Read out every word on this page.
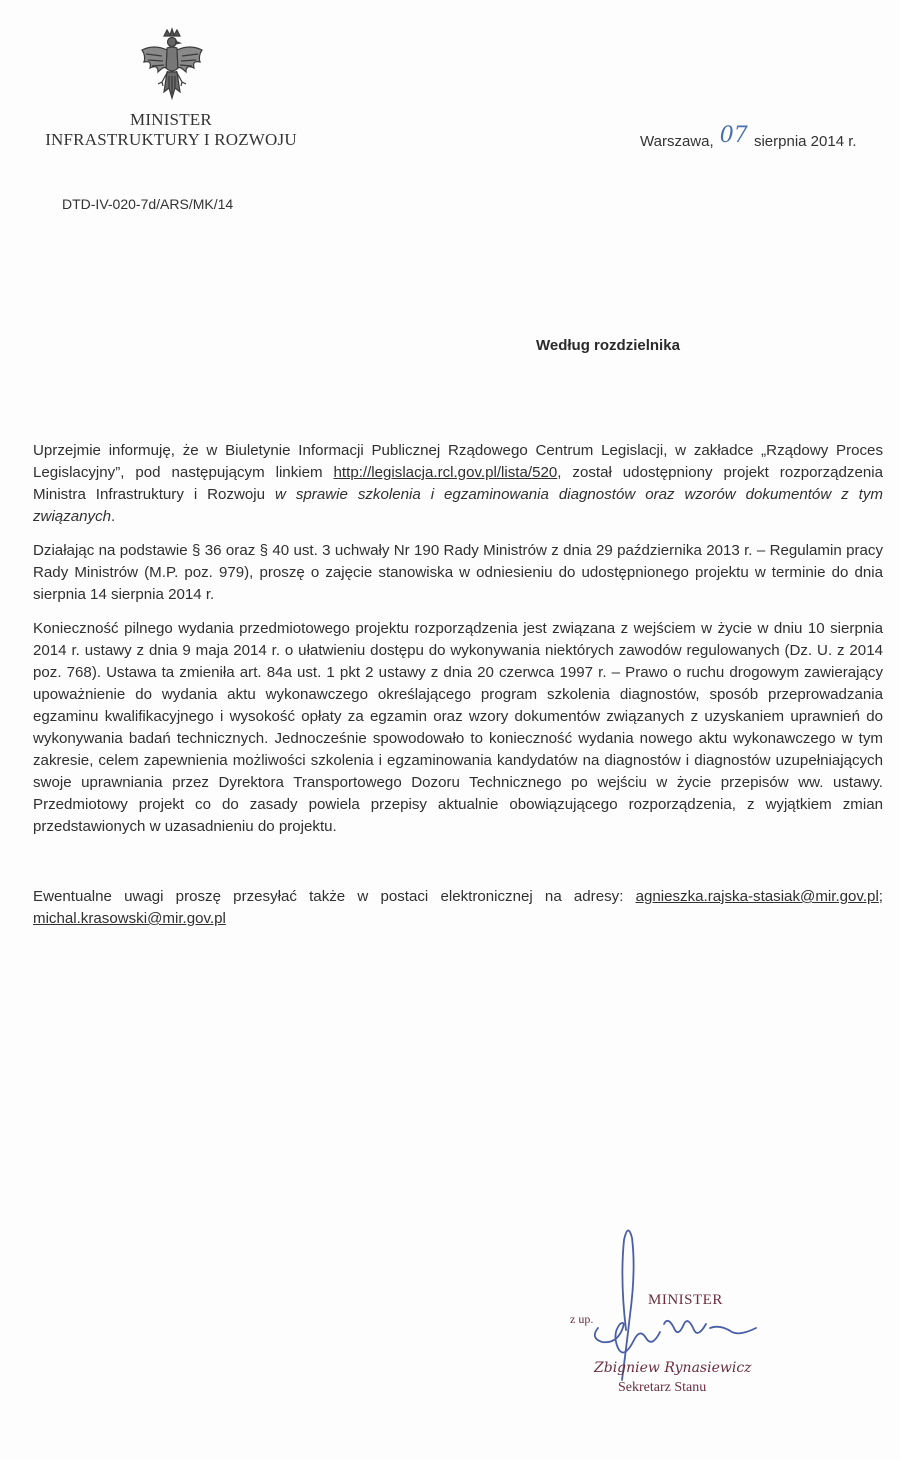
MINISTER
INFRASTRUKTURY I ROZWOJU	Warszawa, 07 sierpnia 2014 r.
DTD-IV-020-7d/ARS/MK/14
Według rozdzielnika

Uprzejmie informuję, że w Biuletynie Informacji Publicznej Rządowego Centrum Legislacji, w zakładce „Rządowy Proces Legislacyjny”, pod następującym linkiem http://legislacja.rcl.gov.pl/lista/520, został udostępniony projekt rozporządzenia Ministra Infrastruktury i Rozwoju w sprawie szkolenia i egzaminowania diagnostów oraz wzorów dokumentów z tym związanych.

Działając na podstawie § 36 oraz § 40 ust. 3 uchwały Nr 190 Rady Ministrów z dnia 29 października 2013 r. – Regulamin pracy Rady Ministrów (M.P. poz. 979), proszę o zajęcie stanowiska w odniesieniu do udostępnionego projektu w terminie do dnia sierpnia 14 sierpnia 2014 r.

Konieczność pilnego wydania przedmiotowego projektu rozporządzenia jest związana z wejściem w życie w dniu 10 sierpnia 2014 r. ustawy z dnia 9 maja 2014 r. o ułatwieniu dostępu do wykonywania niektórych zawodów regulowanych (Dz. U. z 2014 poz. 768). Ustawa ta zmieniła art. 84a ust. 1 pkt 2 ustawy z dnia 20 czerwca 1997 r. – Prawo o ruchu drogowym zawierający upoważnienie do wydania aktu wykonawczego określającego program szkolenia diagnostów, sposób przeprowadzania egzaminu kwalifikacyjnego i wysokość opłaty za egzamin oraz wzory dokumentów związanych z uzyskaniem uprawnień do wykonywania badań technicznych. Jednocześnie spowodowało to konieczność wydania nowego aktu wykonawczego w tym zakresie, celem zapewnienia możliwości szkolenia i egzaminowania kandydatów na diagnostów i diagnostów uzupełniających swoje uprawniania przez Dyrektora Transportowego Dozoru Technicznego po wejściu w życie przepisów ww. ustawy. Przedmiotowy projekt co do zasady powiela przepisy aktualnie obowiązującego rozporządzenia, z wyjątkiem zmian przedstawionych w uzasadnieniu do projektu.

Ewentualne uwagi proszę przesyłać także w postaci elektronicznej na adresy: agnieszka.rajska-stasiak@mir.gov.pl; michal.krasowski@mir.gov.pl

MINISTER
z up.
Zbigniew Rynasiewicz
Sekretarz Stanu
